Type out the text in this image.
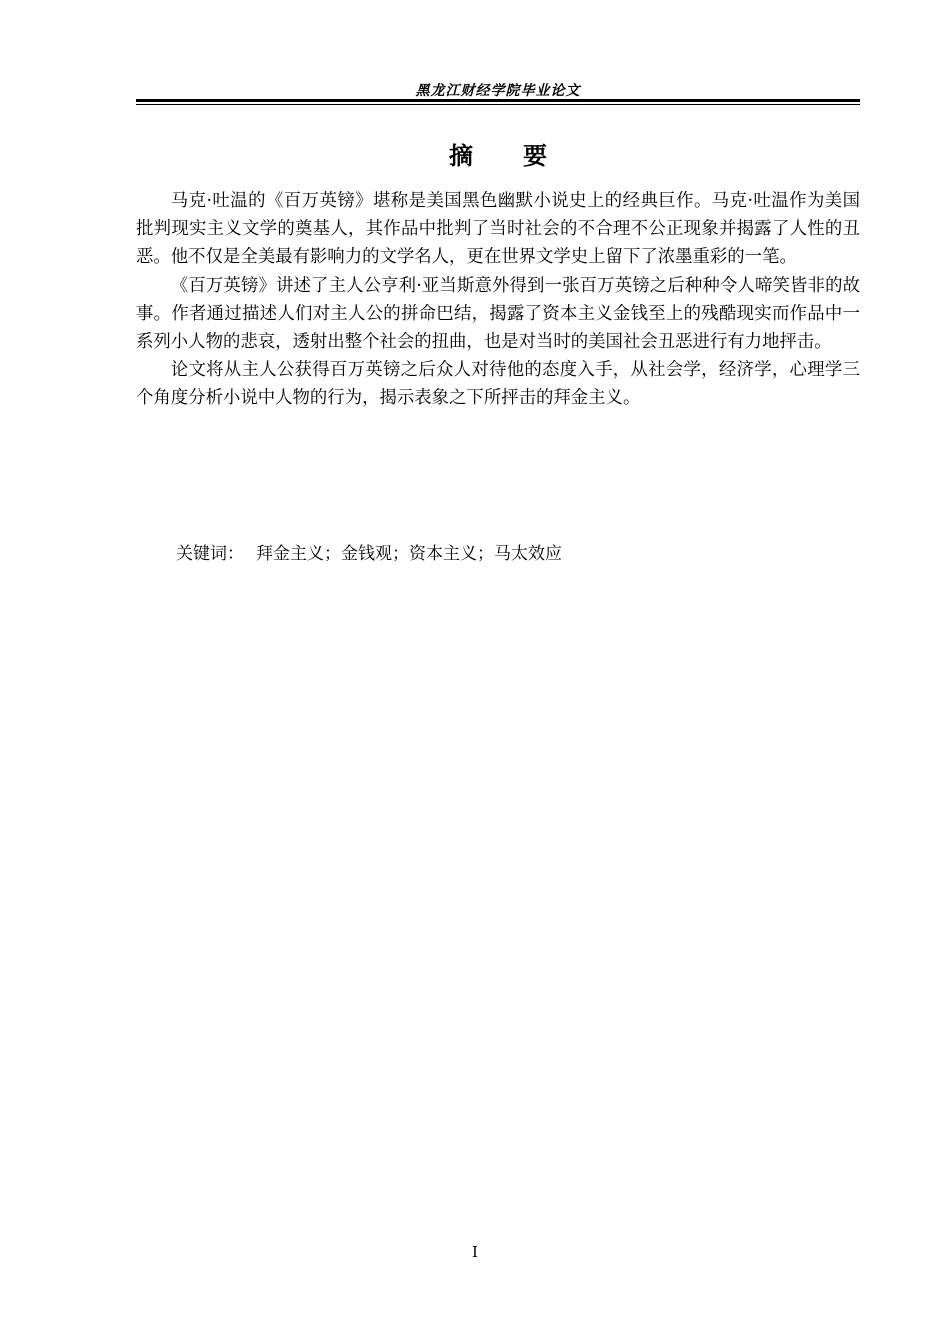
黑龙江财经学院毕业论文
摘要

马克·吐温的《百万英镑》堪称是美国黑色幽默小说史上的经典巨作。马克·吐温作为美国批判现实主义文学的奠基人，其作品中批判了当时社会的不合理不公正现象并揭露了人性的丑恶。他不仅是全美最有影响力的文学名人，更在世界文学史上留下了浓墨重彩的一笔。

《百万英镑》讲述了主人公亨利·亚当斯意外得到一张百万英镑之后种种令人啼笑皆非的故事。作者通过描述人们对主人公的拼命巴结，揭露了资本主义金钱至上的残酷现实而作品中一系列小人物的悲哀，透射出整个社会的扭曲，也是对当时的美国社会丑恶进行有力地抨击。

论文将从主人公获得百万英镑之后众人对待他的态度入手，从社会学，经济学，心理学三个角度分析小说中人物的行为，揭示表象之下所抨击的拜金主义。

关键词： 拜金主义；金钱观；资本主义；马太效应
I
